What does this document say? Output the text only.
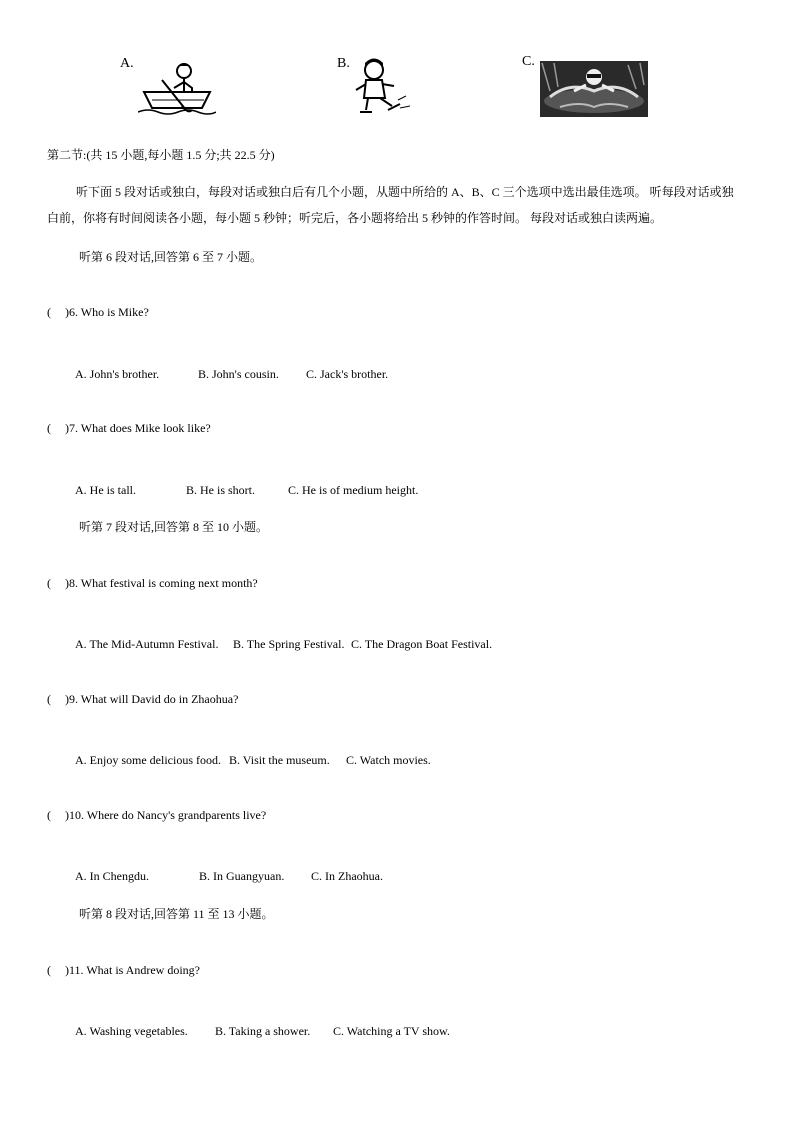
A.	B.	C.
第二节:(共 15 小题,每小题 1.5 分;共 22.5 分)
听下面 5 段对话或独白，每段对话或独白后有几个小题，从题中所给的 A、B、C 三个选项中选出最佳选项。 听每段对话或独
白前，你将有时间阅读各小题，每小题 5 秒钟；听完后，各小题将给出 5 秒钟的作答时间。 每段对话或独白读两遍。
听第 6 段对话,回答第 6 至 7 小题。
( )6. Who is Mike?
A. John's brother.	B. John's cousin. C. Jack's brother.
( )7. What does Mike look like?
A. He is tall.	B. He is short.	C. He is of medium height.
听第 7 段对话,回答第 8 至 10 小题。
( )8. What festival is coming next month?
A. The Mid-Autumn Festival. B. The Spring Festival. C. The Dragon Boat Festival.
( )9. What will David do in Zhaohua?
A. Enjoy some delicious food. B. Visit the museum. C. Watch movies.
( )10. Where do Nancy's grandparents live?
A. In Chengdu.	B. In Guangyuan. C. In Zhaohua.
听第 8 段对话,回答第 11 至 13 小题。
( )11. What is Andrew doing?
A. Washing vegetables. B. Taking a shower. C. Watching a TV show.
